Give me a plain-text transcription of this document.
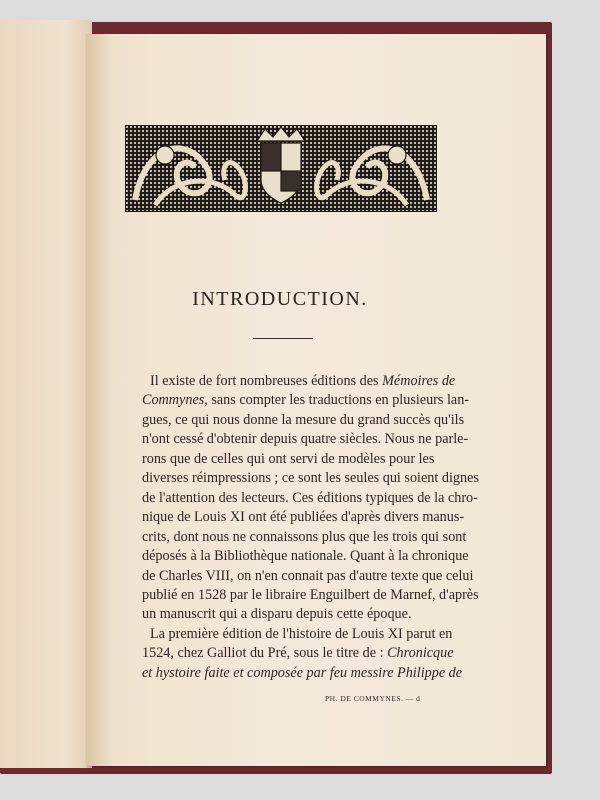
INTRODUCTION.
Il existe de fort nombreuses éditions des Mémoires de
Commynes, sans compter les traductions en plusieurs lan-
gues, ce qui nous donne la mesure du grand succès qu'ils
n'ont cessé d'obtenir depuis quatre siècles. Nous ne parle-
rons que de celles qui ont servi de modèles pour les
diverses réimpressions ; ce sont les seules qui soient dignes
de l'attention des lecteurs. Ces éditions typiques de la chro-
nique de Louis XI ont été publiées d'après divers manus-
crits, dont nous ne connaissons plus que les trois qui sont
déposés à la Bibliothèque nationale. Quant à la chronique
de Charles VIII, on n'en connait pas d'autre texte que celui
publié en 1528 par le libraire Enguilbert de Marnef, d'après
un manuscrit qui a disparu depuis cette époque.
La première édition de l'histoire de Louis XI parut en
1524, chez Galliot du Pré, sous le titre de : Chronicque
et hystoire faite et composée par feu messire Philippe de
PH. DE COMMYNES. — d
